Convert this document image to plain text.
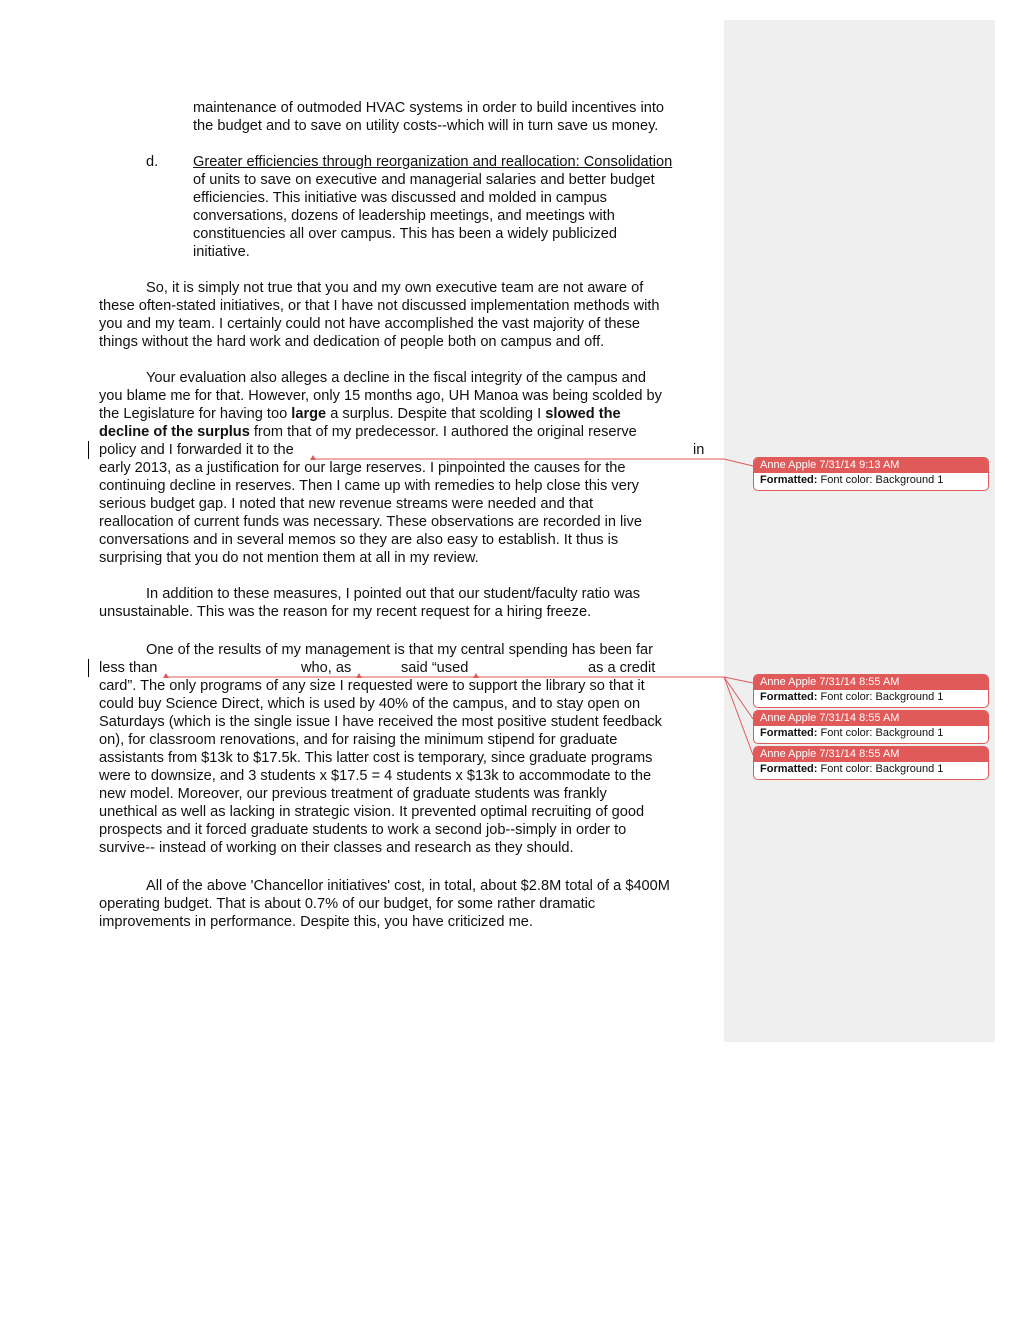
maintenance of outmoded HVAC systems in order to build incentives into

the budget and to save on utility costs--which will in turn save us money.

d. Greater efficiencies through reorganization and reallocation: Consolidation

of units to save on executive and managerial salaries and better budget

efficiencies. This initiative was discussed and molded in campus

conversations, dozens of leadership meetings, and meetings with

constituencies all over campus. This has been a widely publicized

initiative.

So, it is simply not true that you and my own executive team are not aware of

these often-stated initiatives, or that I have not discussed implementation methods with

you and my team. I certainly could not have accomplished the vast majority of these

things without the hard work and dedication of people both on campus and off.

Your evaluation also alleges a decline in the fiscal integrity of the campus and

you blame me for that. However, only 15 months ago, UH Manoa was being scolded by

the Legislature for having too large a surplus. Despite that scolding I slowed the

decline of the surplus from that of my predecessor. I authored the original reserve

policy and I forwarded it to the	in

early 2013, as a justification for our large reserves. I pinpointed the causes for the

continuing decline in reserves. Then I came up with remedies to help close this very

serious budget gap. I noted that new revenue streams were needed and that

reallocation of current funds was necessary. These observations are recorded in live

conversations and in several memos so they are also easy to establish. It thus is

surprising that you do not mention them at all in my review.

In addition to these measures, I pointed out that our student/faculty ratio was

unsustainable. This was the reason for my recent request for a hiring freeze.

One of the results of my management is that my central spending has been far

less than	who, as	said “used	as a credit

card”. The only programs of any size I requested were to support the library so that it

could buy Science Direct, which is used by 40% of the campus, and to stay open on

Saturdays (which is the single issue I have received the most positive student feedback

on), for classroom renovations, and for raising the minimum stipend for graduate

assistants from $13k to $17.5k. This latter cost is temporary, since graduate programs

were to downsize, and 3 students x $17.5 = 4 students x $13k to accommodate to the

new model. Moreover, our previous treatment of graduate students was frankly

unethical as well as lacking in strategic vision. It prevented optimal recruiting of good

prospects and it forced graduate students to work a second job--simply in order to

survive-- instead of working on their classes and research as they should.

All of the above 'Chancellor initiatives' cost, in total, about $2.8M total of a $400M

operating budget. That is about 0.7% of our budget, for some rather dramatic

improvements in performance. Despite this, you have criticized me.

Anne Apple 7/31/14 9:13 AM
Formatted: Font color: Background 1
Anne Apple 7/31/14 8:55 AM
Formatted: Font color: Background 1
Anne Apple 7/31/14 8:55 AM
Formatted: Font color: Background 1
Anne Apple 7/31/14 8:55 AM
Formatted: Font color: Background 1
